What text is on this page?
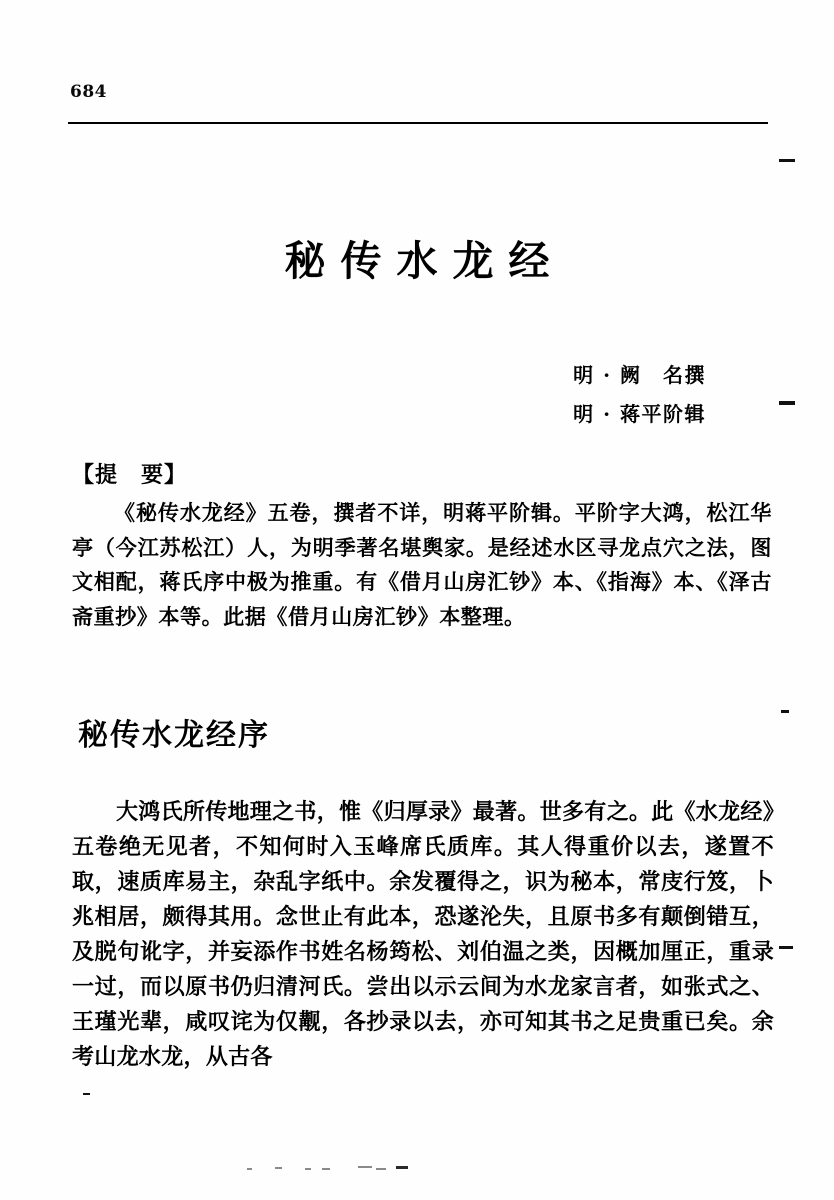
684
秘传水龙经
明 · 阙　名撰
明 · 蒋平阶辑
【提　要】

《秘传水龙经》五卷，撰者不详，明蒋平阶辑。平阶字大鸿，松江华亭（今江苏松江）人，为明季著名堪舆家。是经述水区寻龙点穴之法，图文相配，蒋氏序中极为推重。有《借月山房汇钞》本、《指海》本、《泽古斋重抄》本等。此据《借月山房汇钞》本整理。

秘传水龙经序

大鸿氏所传地理之书，惟《归厚录》最著。世多有之。此《水龙经》五卷绝无见者，不知何时入玉峰席氏质库。其人得重价以去，遂置不取，速质库易主，杂乱字纸中。余发覆得之，识为秘本，常庋行笈，卜兆相居，颇得其用。念世止有此本，恐遂沦失，且原书多有颠倒错互，及脱句讹字，并妄添作书姓名杨筠松、刘伯温之类，因概加厘正，重录一过，而以原书仍归清河氏。尝出以示云间为水龙家言者，如张式之、王瑾光辈，咸叹诧为仅觏，各抄录以去，亦可知其书之足贵重已矣。余考山龙水龙，从古各
